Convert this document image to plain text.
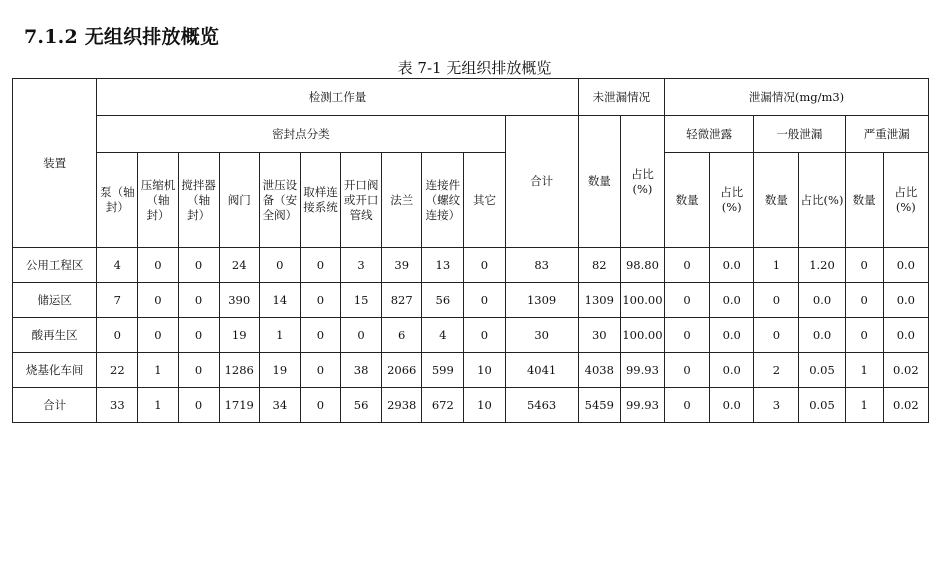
7.1.2 无组织排放概览
表 7-1 无组织排放概览
装置	检测工作量											未泄漏情况		泄漏情况(mg/m3)					
	密封点分类										合计	数量	占比(%)	轻微泄露		一般泄漏		严重泄漏	
	泵（轴封）	压缩机（轴封）	搅拌器（轴封）	阀门	泄压设备（安全阀）	取样连接系统	开口阀或开口管线	法兰	连接件（螺纹连接）	其它				数量	占比(%)	数量	占比(%)	数量	占比(%)
公用工程区	4	0	0	24	0	0	3	39	13	0	83	82	98.80	0	0.0	1	1.20	0	0.0
储运区	7	0	0	390	14	0	15	827	56	0	1309	1309	100.00	0	0.0	0	0.0	0	0.0
酸再生区	0	0	0	19	1	0	0	6	4	0	30	30	100.00	0	0.0	0	0.0	0	0.0
烧基化车间	22	1	0	1286	19	0	38	2066	599	10	4041	4038	99.93	0	0.0	2	0.05	1	0.02
合计	33	1	0	1719	34	0	56	2938	672	10	5463	5459	99.93	0	0.0	3	0.05	1	0.02
